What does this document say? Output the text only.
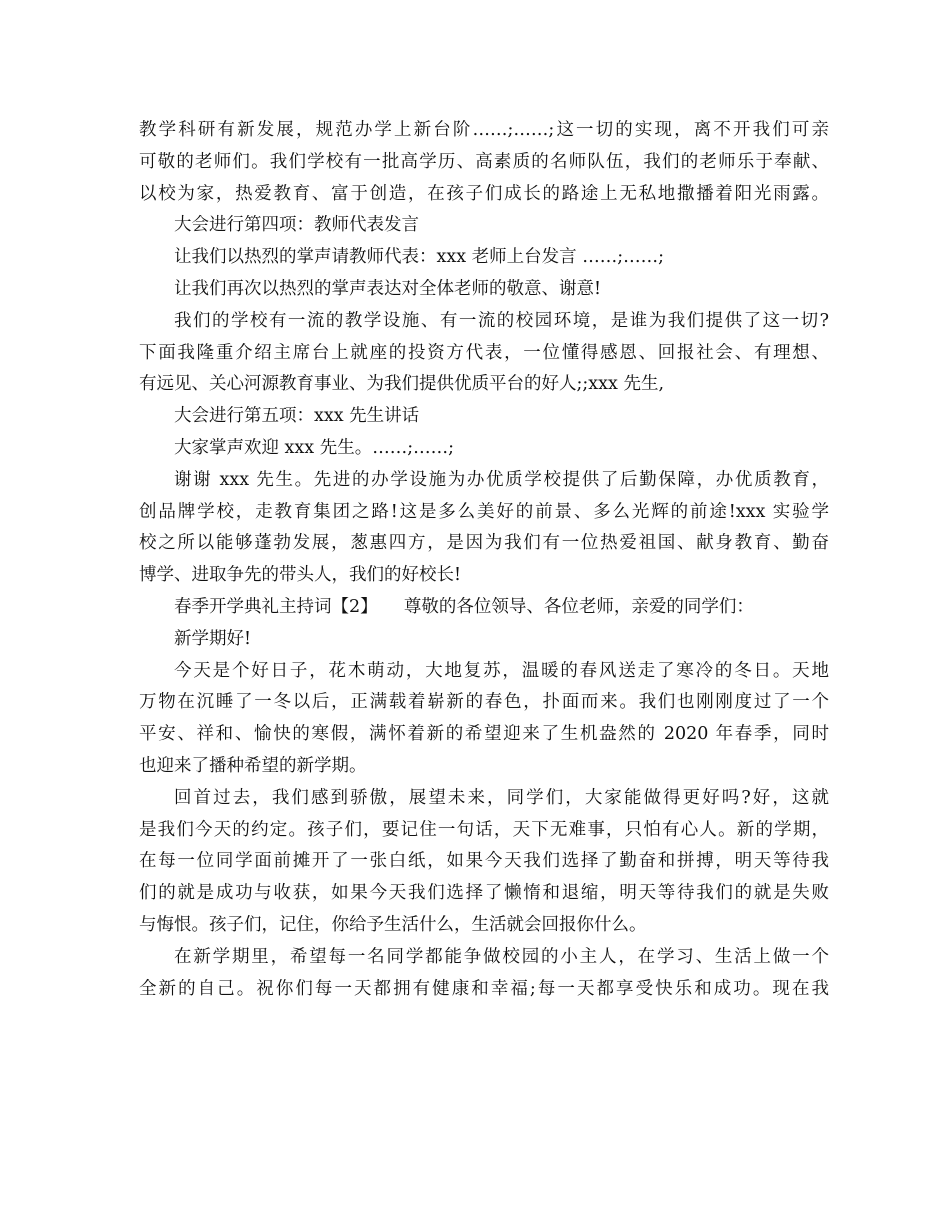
教学科研有新发展，规范办学上新台阶……;……;这一切的实现，离不开我们可亲
可敬的老师们。我们学校有一批高学历、高素质的名师队伍，我们的老师乐于奉献、
以校为家，热爱教育、富于创造，在孩子们成长的路途上无私地撒播着阳光雨露。
大会进行第四项：教师代表发言
让我们以热烈的掌声请教师代表：xxx 老师上台发言 ……;……;
让我们再次以热烈的掌声表达对全体老师的敬意、谢意!
我们的学校有一流的教学设施、有一流的校园环境，是谁为我们提供了这一切?
下面我隆重介绍主席台上就座的投资方代表，一位懂得感恩、回报社会、有理想、
有远见、关心河源教育事业、为我们提供优质平台的好人;;xxx 先生,
大会进行第五项：xxx 先生讲话
大家掌声欢迎 xxx 先生。……;……;
谢谢 xxx 先生。先进的办学设施为办优质学校提供了后勤保障，办优质教育，
创品牌学校，走教育集团之路!这是多么美好的前景、多么光辉的前途!xxx 实验学
校之所以能够蓬勃发展，葱惠四方，是因为我们有一位热爱祖国、献身教育、勤奋
博学、进取争先的带头人，我们的好校长!
春季开学典礼主持词【2】　　尊敬的各位领导、各位老师，亲爱的同学们：
新学期好!
今天是个好日子，花木萌动，大地复苏，温暖的春风送走了寒冷的冬日。天地
万物在沉睡了一冬以后，正满载着崭新的春色，扑面而来。我们也刚刚度过了一个
平安、祥和、愉快的寒假，满怀着新的希望迎来了生机盎然的 2020 年春季，同时
也迎来了播种希望的新学期。
回首过去，我们感到骄傲，展望未来，同学们，大家能做得更好吗?好，这就
是我们今天的约定。孩子们，要记住一句话，天下无难事，只怕有心人。新的学期，
在每一位同学面前摊开了一张白纸，如果今天我们选择了勤奋和拼搏，明天等待我
们的就是成功与收获，如果今天我们选择了懒惰和退缩，明天等待我们的就是失败
与悔恨。孩子们，记住，你给予生活什么，生活就会回报你什么。
在新学期里，希望每一名同学都能争做校园的小主人，在学习、生活上做一个
全新的自己。祝你们每一天都拥有健康和幸福;每一天都享受快乐和成功。现在我
